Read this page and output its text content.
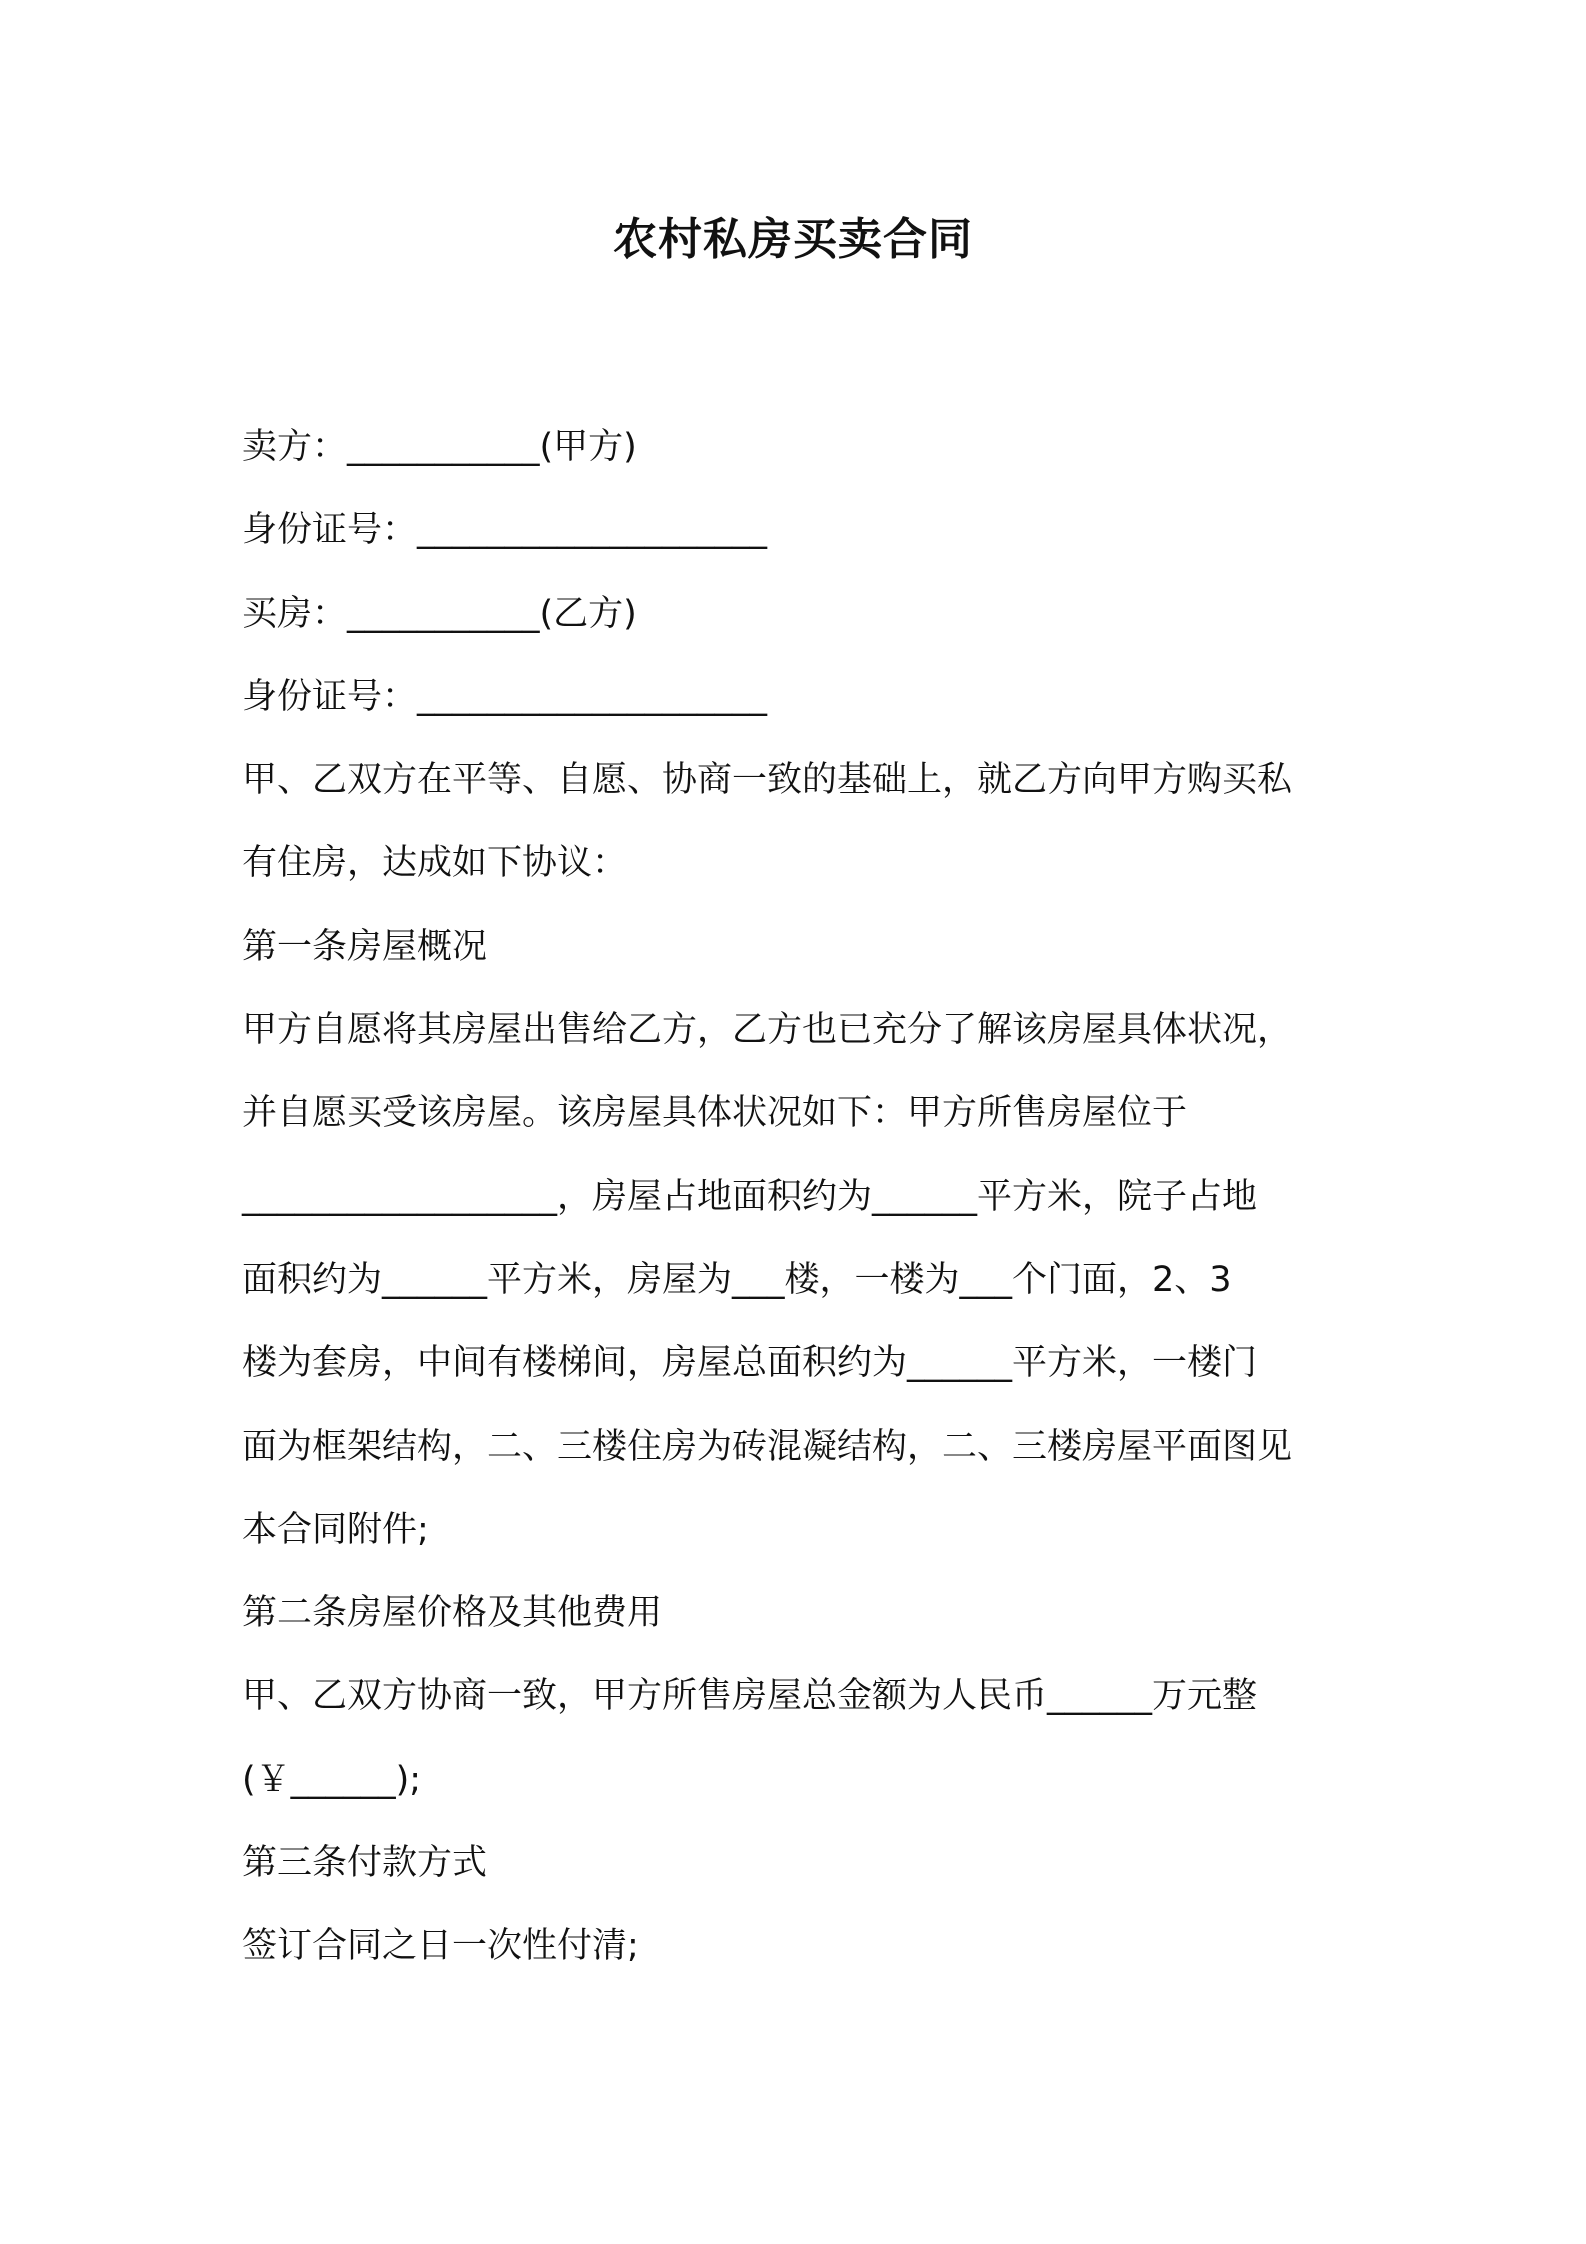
农村私房买卖合同

卖方：___________(甲方)

身份证号：____________________

买房：___________(乙方)

身份证号：____________________

甲、乙双方在平等、自愿、协商一致的基础上，就乙方向甲方购买私

有住房，达成如下协议：

第一条房屋概况

甲方自愿将其房屋出售给乙方，乙方也已充分了解该房屋具体状况，

并自愿买受该房屋。该房屋具体状况如下：甲方所售房屋位于

__________________，房屋占地面积约为______平方米，院子占地

面积约为______平方米，房屋为___楼，一楼为___个门面，2、3

楼为套房，中间有楼梯间，房屋总面积约为______平方米，一楼门

面为框架结构，二、三楼住房为砖混凝结构，二、三楼房屋平面图见

本合同附件;

第二条房屋价格及其他费用

甲、乙双方协商一致，甲方所售房屋总金额为人民币______万元整

(￥______);

第三条付款方式

签订合同之日一次性付清;
